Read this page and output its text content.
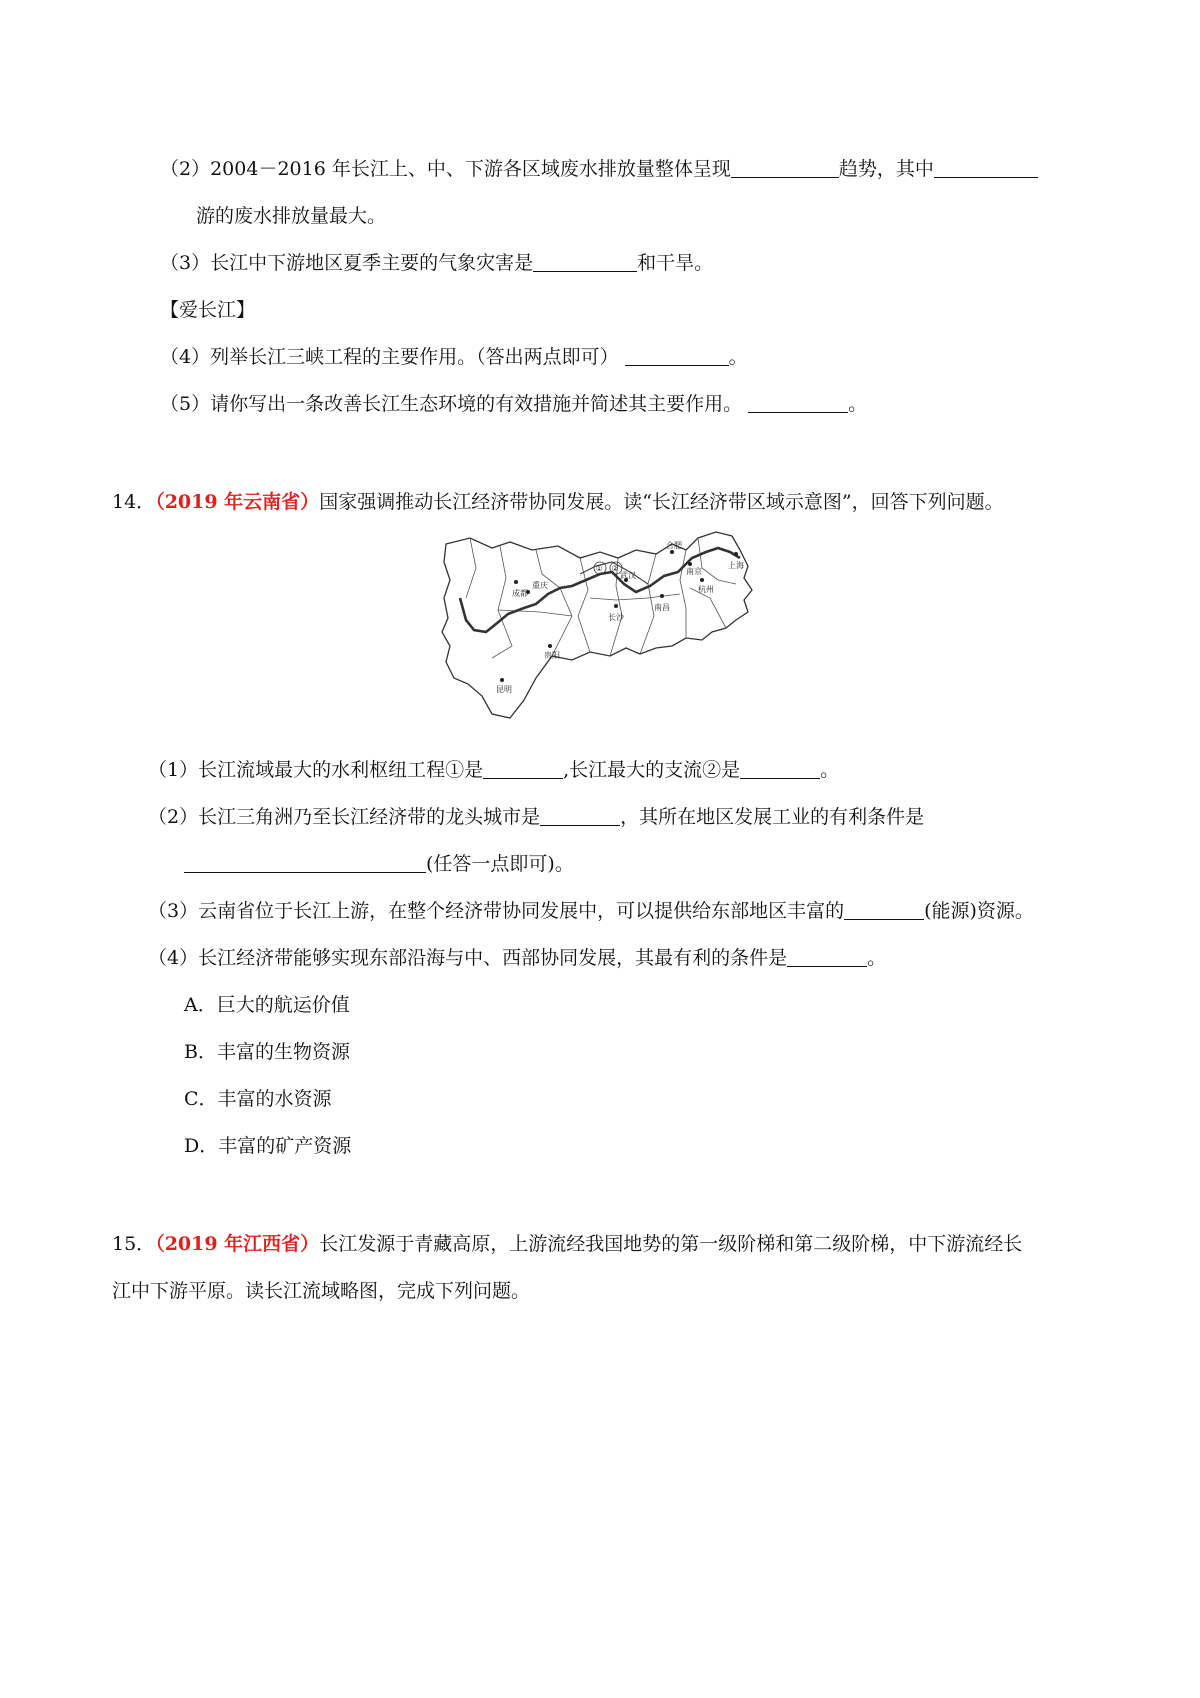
（2）2004－2016 年长江上、中、下游各区域废水排放量整体呈现	趋势，其中
游的废水排放量最大。
（3）长江中下游地区夏季主要的气象灾害是	和干旱。
【爱长江】
（4）列举长江三峡工程的主要作用。（答出两点即可）	。
（5）请你写出一条改善长江生态环境的有效措施并简述其主要作用。	。
14．（2019 年云南省）国家强调推动长江经济带协同发展。读“长江经济带区域示意图”，回答下列问题。
① ②
重庆
成都
昆明
贵阳
长沙
武汉
南昌
合肥
南京
上海
杭州
（1）长江流域最大的水利枢纽工程①是	,长江最大的支流②是	。
（2）长江三角洲乃至长江经济带的龙头城市是	，其所在地区发展工业的有利条件是
(任答一点即可)。
（3）云南省位于长江上游，在整个经济带协同发展中，可以提供给东部地区丰富的	(能源)资源。
（4）长江经济带能够实现东部沿海与中、西部协同发展，其最有利的条件是	。
A．巨大的航运价值
B．丰富的生物资源
C．丰富的水资源
D．丰富的矿产资源
15．（2019 年江西省）长江发源于青藏高原，上游流经我国地势的第一级阶梯和第二级阶梯，中下游流经长
江中下游平原。读长江流域略图，完成下列问题。
